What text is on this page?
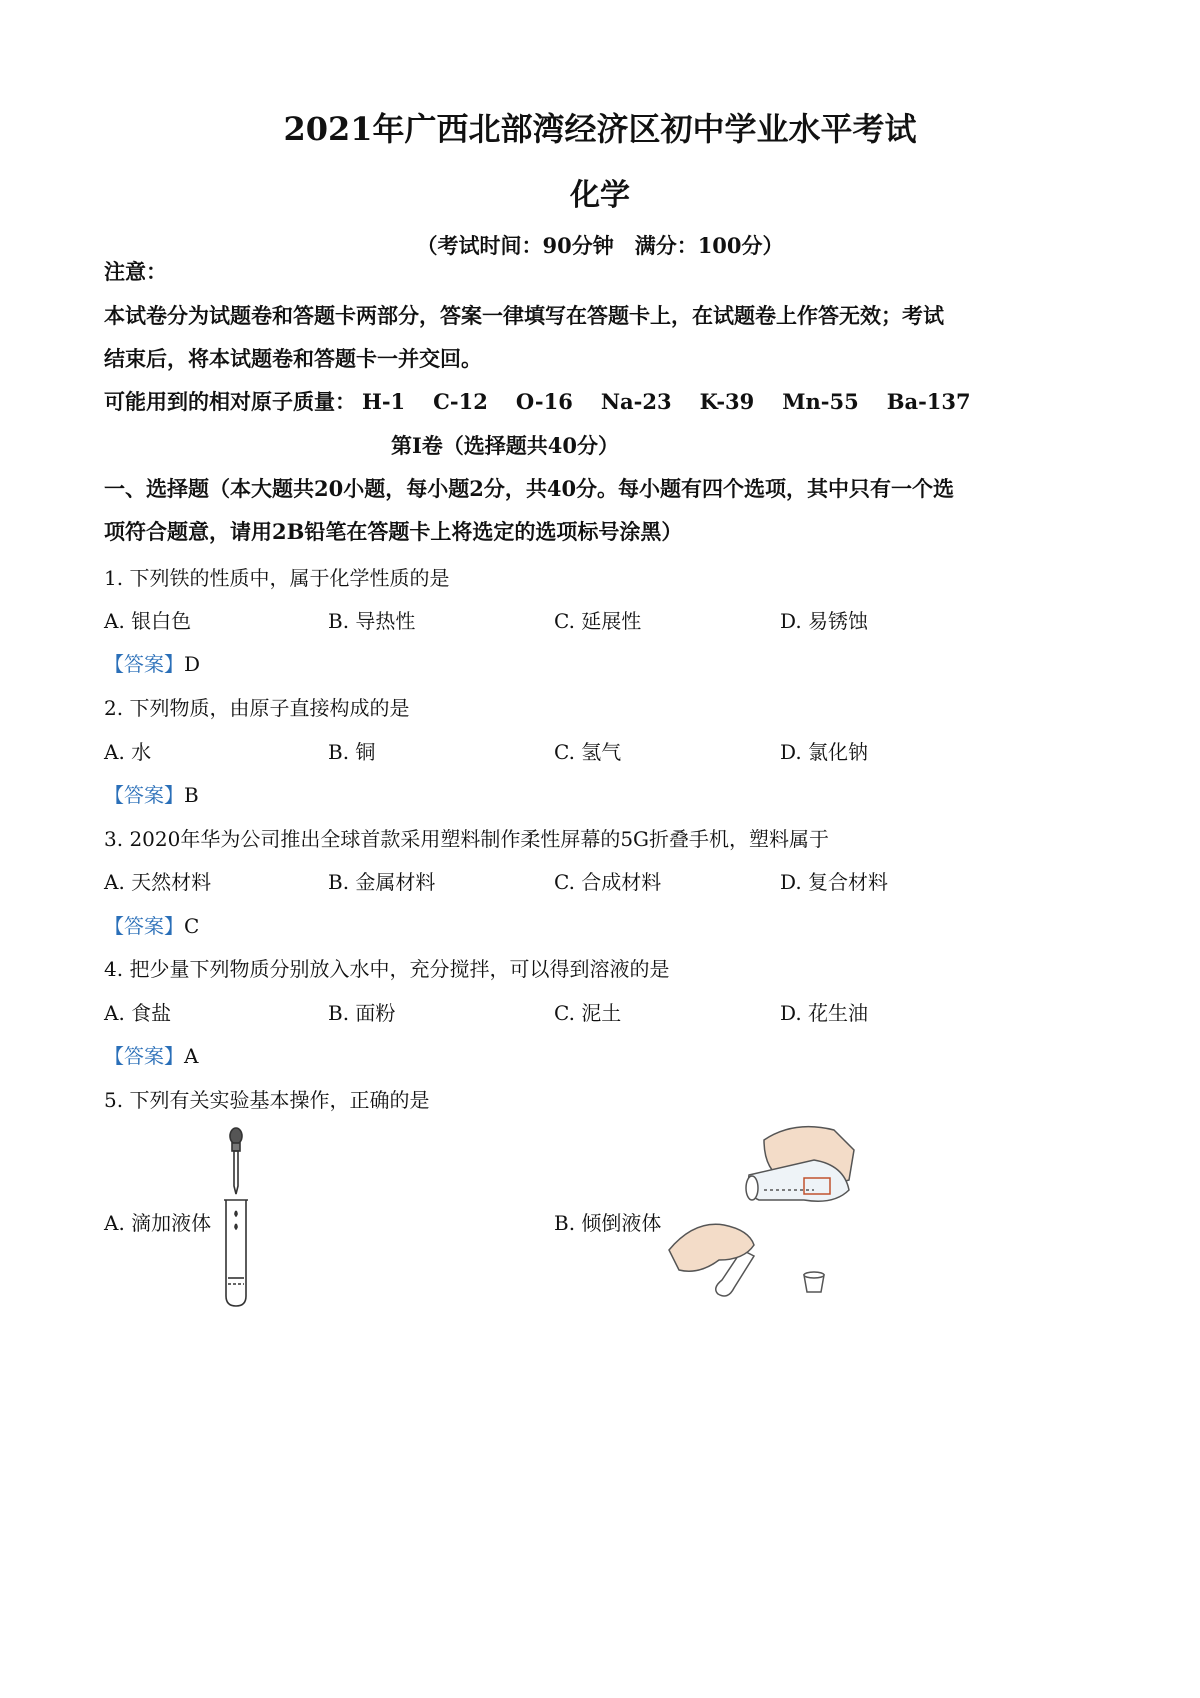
2021年广西北部湾经济区初中学业水平考试
化学
（考试时间：90分钟　满分：100分）
注意：
本试卷分为试题卷和答题卡两部分，答案一律填写在答题卡上，在试题卷上作答无效；考试
结束后，将本试题卷和答题卡一并交回。
可能用到的相对原子质量： H-1 C-12 O-16 Na-23 K-39 Mn-55 Ba-137
第I卷（选择题共40分）
一、选择题（本大题共20小题，每小题2分，共40分。每小题有四个选项，其中只有一个选
项符合题意，请用2B铅笔在答题卡上将选定的选项标号涂黑）
1. 下列铁的性质中，属于化学性质的是
A. 银白色	B. 导热性	C. 延展性	D. 易锈蚀
【答案】D
2. 下列物质，由原子直接构成的是
A. 水	B. 铜	C. 氢气	D. 氯化钠
【答案】B
3. 2020年华为公司推出全球首款采用塑料制作柔性屏幕的5G折叠手机，塑料属于
A. 天然材料	B. 金属材料	C. 合成材料	D. 复合材料
【答案】C
4. 把少量下列物质分别放入水中，充分搅拌，可以得到溶液的是
A. 食盐	B. 面粉	C. 泥土	D. 花生油
【答案】A
5. 下列有关实验基本操作，正确的是
A. 滴加液体	B. 倾倒液体
